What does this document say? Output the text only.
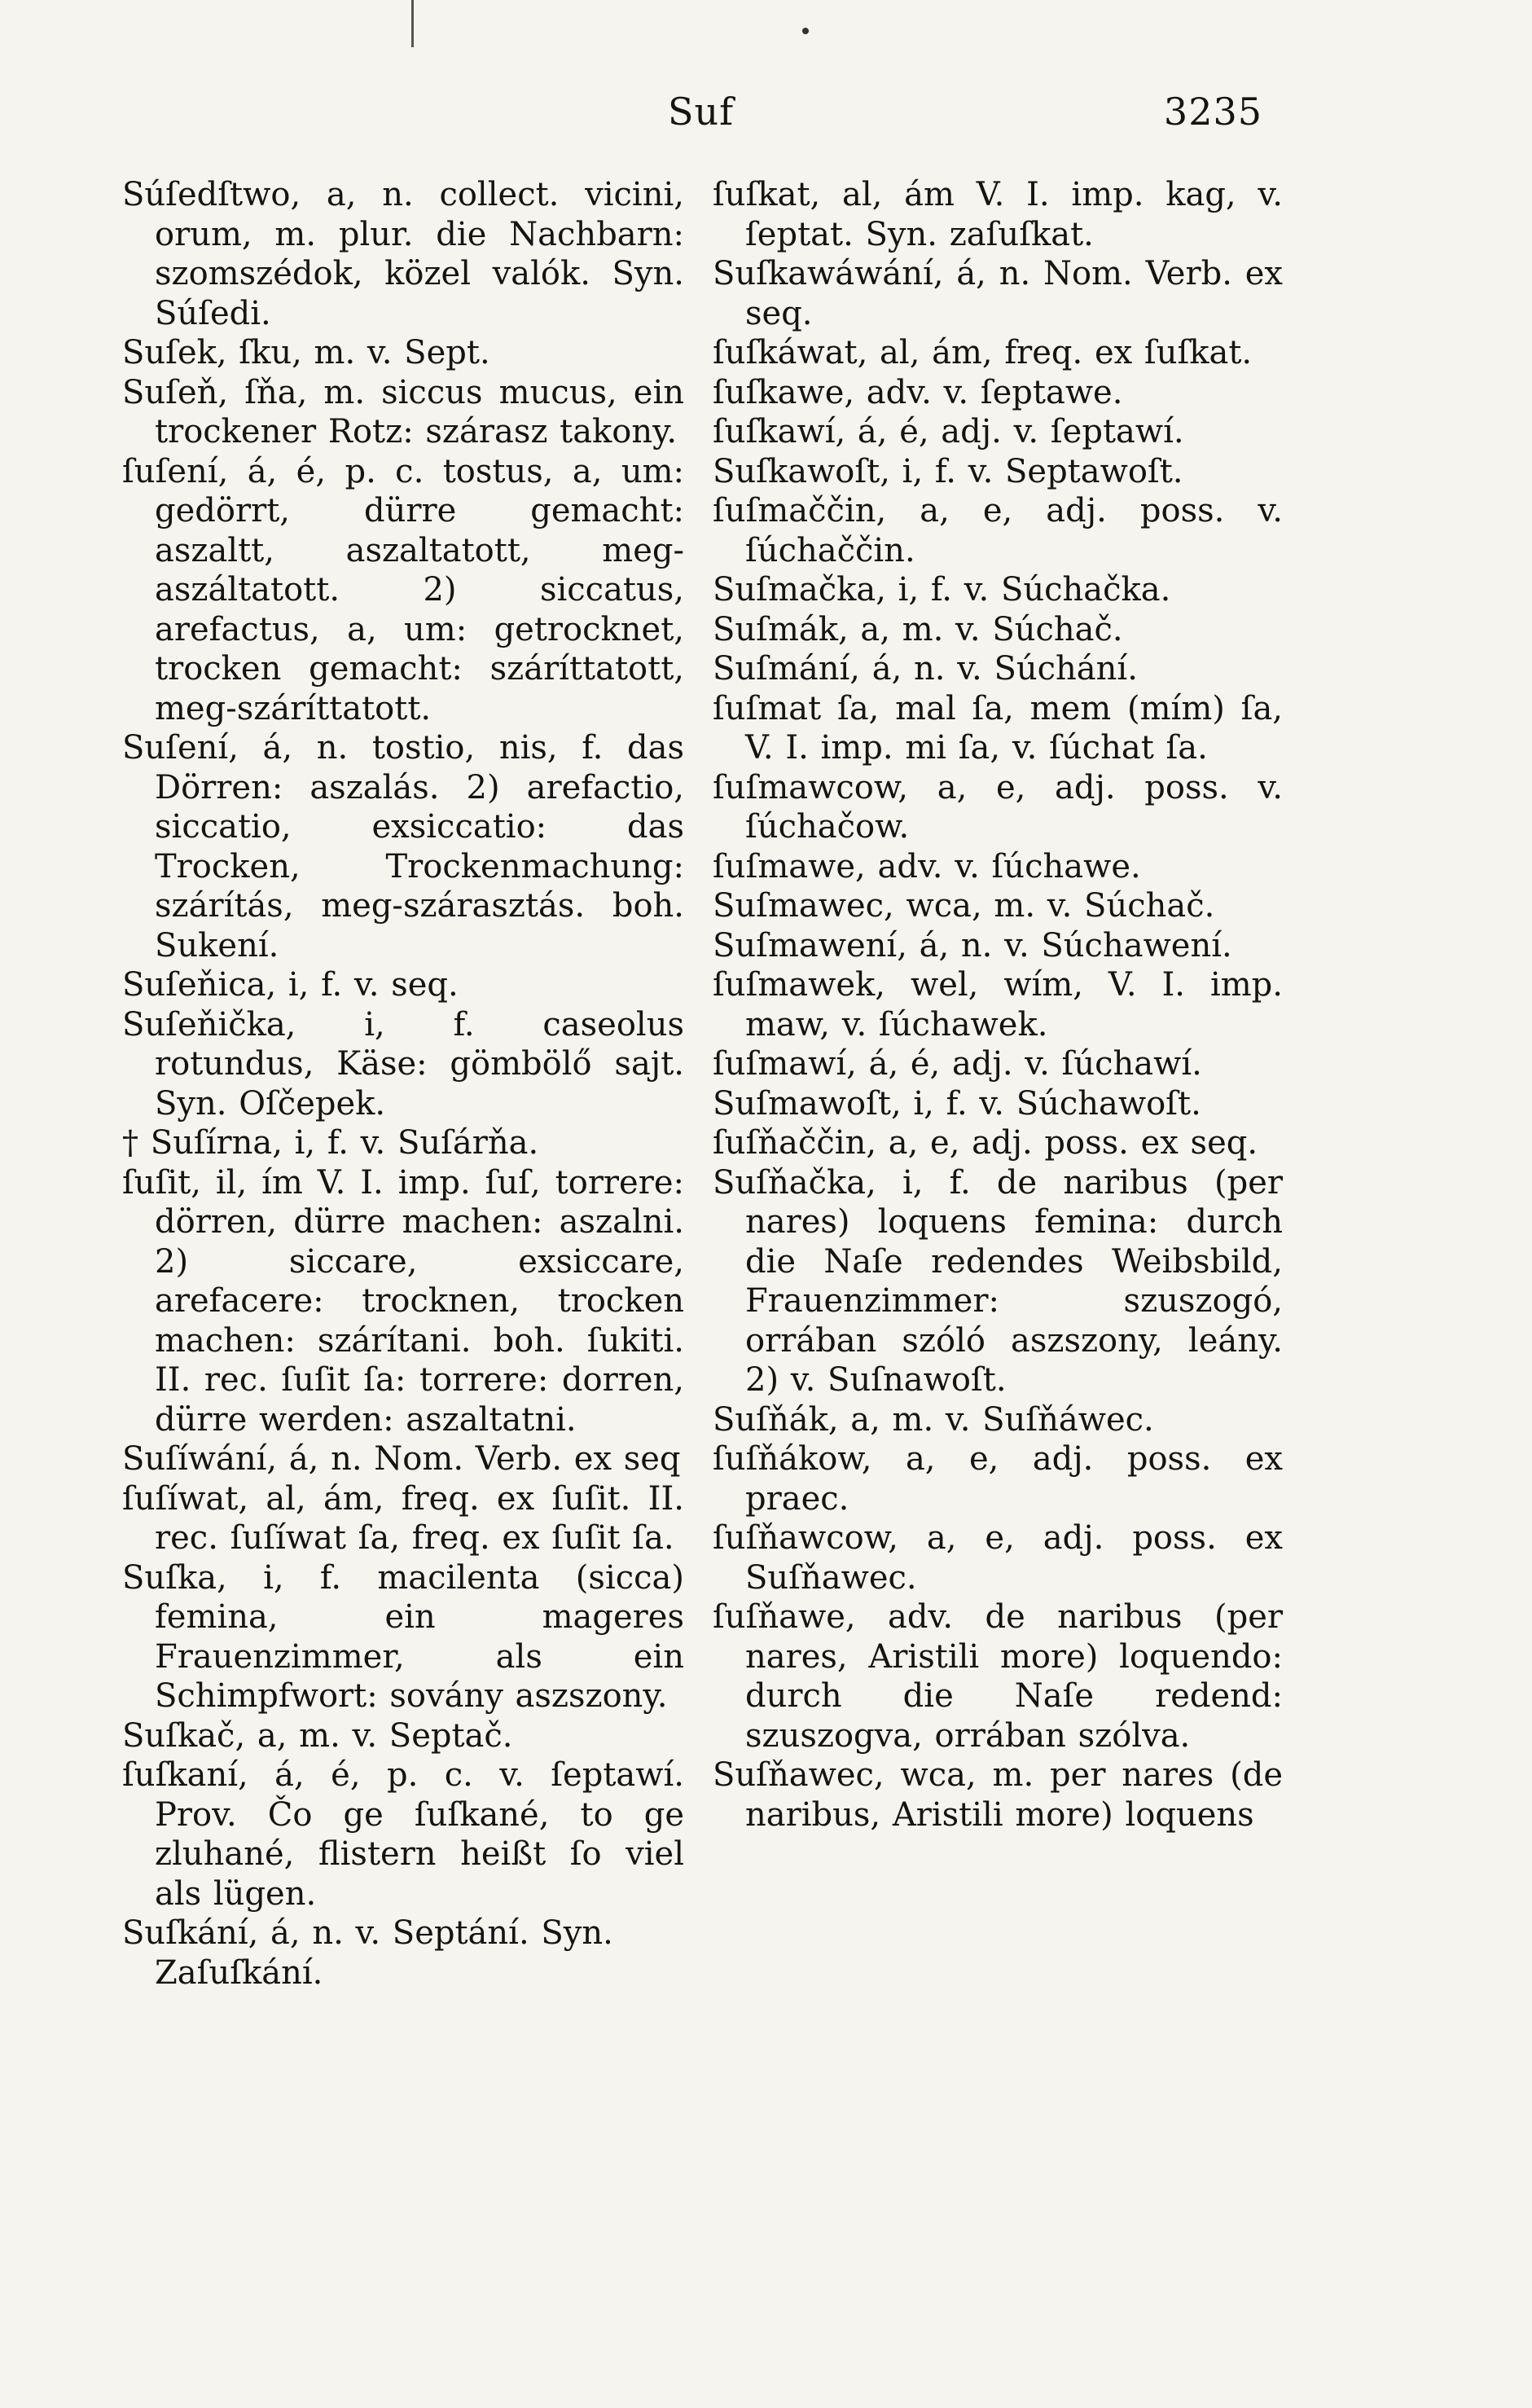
Suf	3235

Súſedſtwo, a, n. collect. vicini, orum, m. plur. die Nachbarn: szomszédok, közel valók. Syn. Súſedi.

Suſek, ſku, m. v. Sept.

Suſeň, ſňa, m. siccus mucus, ein trockener Rotz: szárasz takony.

ſuſení, á, é, p. c. tostus, a, um: gedörrt, dürre gemacht: aszaltt, aszaltatott, meg-aszáltatott. 2) siccatus, arefactus, a, um: getrocknet, trocken gemacht: száríttatott, meg-száríttatott.

Suſení, á, n. tostio, nis, f. das Dörren: aszalás. 2) arefactio, siccatio, exsiccatio: das Trocken, Trockenmachung: szárítás, meg-szárasztás. boh. Sukení.

Suſeňica, i, f. v. seq.

Suſeňička, i, f. caseolus rotundus, Käse: gömbölő sajt. Syn. Oſčepek.

† Suſírna, i, f. v. Suſárňa.

ſuſit, il, ím V. I. imp. ſuſ, torrere: dörren, dürre machen: aszalni. 2) siccare, exsiccare, arefacere: trocknen, trocken machen: szárítani. boh. ſukiti. II. rec. ſuſit ſa: torrere: dorren, dürre werden: aszaltatni.

Suſíwání, á, n. Nom. Verb. ex seq

ſuſíwat, al, ám, freq. ex ſuſit. II. rec. ſuſíwat ſa, freq. ex ſuſit ſa.

Suſka, i, f. macilenta (sicca) femina, ein mageres Frauenzimmer, als ein Schimpfwort: sovány aszszony.

Suſkač, a, m. v. Septač.

ſuſkaní, á, é, p. c. v. ſeptawí. Prov. Čo ge ſuſkané, to ge zluhané, flistern heißt ſo viel als lügen.

Suſkání, á, n. v. Septání. Syn. Zaſuſkání.

ſuſkat, al, ám V. I. imp. kag, v. ſeptat. Syn. zaſuſkat.

Suſkawáwání, á, n. Nom. Verb. ex seq.

ſuſkáwat, al, ám, freq. ex ſuſkat.

ſuſkawe, adv. v. ſeptawe.

ſuſkawí, á, é, adj. v. ſeptawí.

Suſkawoſt, i, f. v. Septawoſt.

ſuſmaččin, a, e, adj. poss. v. ſúchaččin.

Suſmačka, i, f. v. Súchačka.

Suſmák, a, m. v. Súchač.

Suſmání, á, n. v. Súchání.

ſuſmat ſa, mal ſa, mem (mím) ſa, V. I. imp. mi ſa, v. ſúchat ſa.

ſuſmawcow, a, e, adj. poss. v. ſúchačow.

ſuſmawe, adv. v. ſúchawe.

Suſmawec, wca, m. v. Súchač.

Suſmawení, á, n. v. Súchawení.

ſuſmawek, wel, wím, V. I. imp. maw, v. ſúchawek.

ſuſmawí, á, é, adj. v. ſúchawí.

Suſmawoſt, i, f. v. Súchawoſt.

ſuſňaččin, a, e, adj. poss. ex seq.

Suſňačka, i, f. de naribus (per nares) loquens femina: durch die Naſe redendes Weibsbild, Frauenzimmer: szuszogó, orrában szóló aszszony, leány. 2) v. Suſnawoſt.

Suſňák, a, m. v. Suſňáwec.

ſuſňákow, a, e, adj. poss. ex praec.

ſuſňawcow, a, e, adj. poss. ex Suſňawec.

ſuſňawe, adv. de naribus (per nares, Aristili more) loquendo: durch die Naſe redend: szuszogva, orrában szólva.

Suſňawec, wca, m. per nares (de naribus, Aristili more) loquens
